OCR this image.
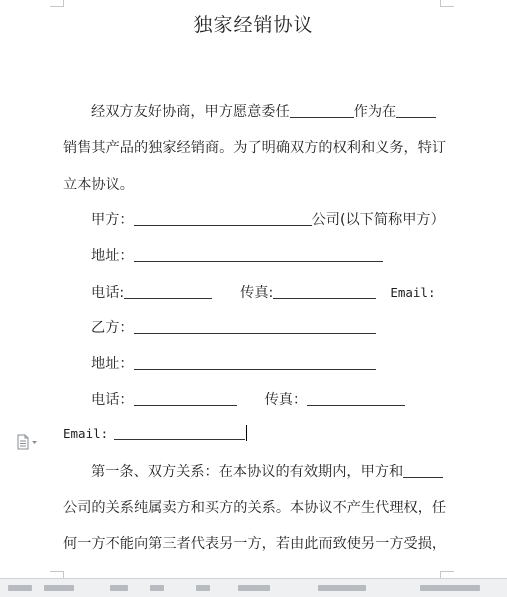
独家经销协议
经双方友好协商，甲方愿意委任	作为在
销售其产品的独家经销商。为了明确双方的权利和义务，特订
立本协议。
甲方：	公司(以下简称甲方）
地址：
电话:	传真:	Email:
乙方：
地址：
电话：	传真：
Email:
第一条、双方关系：在本协议的有效期内，甲方和
公司的关系纯属卖方和买方的关系。本协议不产生代理权，任
何一方不能向第三者代表另一方，若由此而致使另一方受损，
